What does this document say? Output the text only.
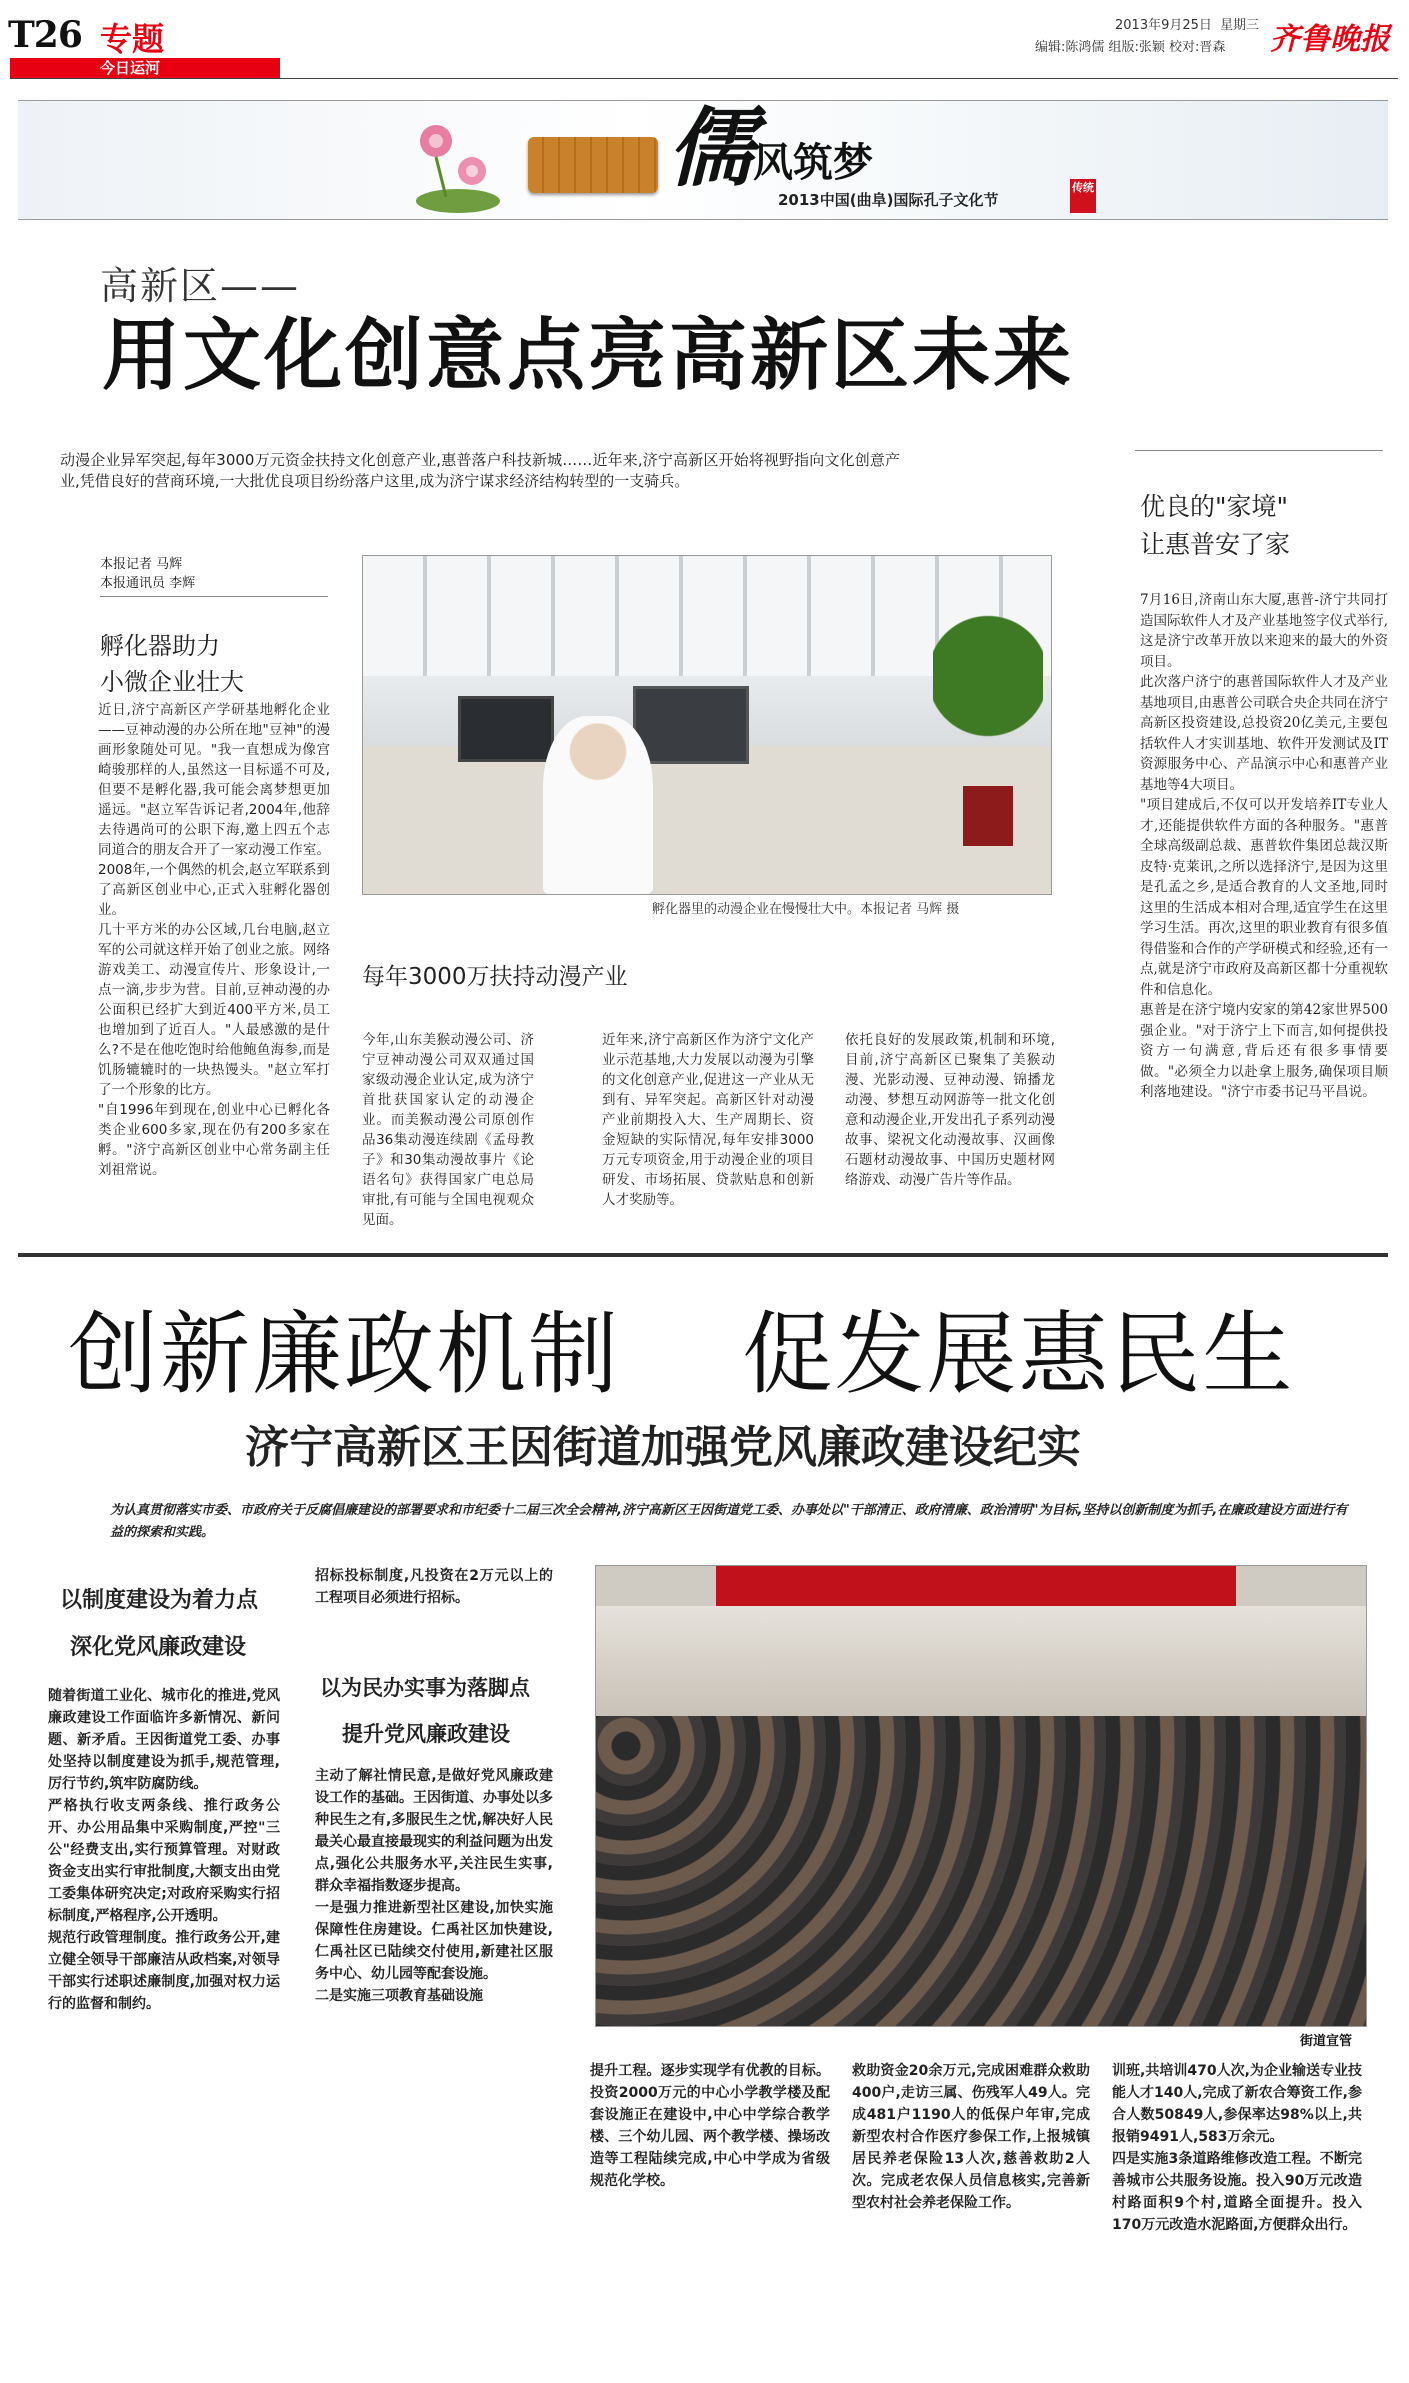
T26 专题
今日运河
2013年9月25日 星期三
编辑:陈鸿儒 组版:张颖 校对:晋森 齐鲁晚报
儒 风筑梦
2013中国(曲阜)国际孔子文化节
传统
高新区——
用文化创意点亮高新区未来
动漫企业异军突起,每年3000万元资金扶持文化创意产业,惠普落户科技新城……近年来,济宁高新区开始将视野指向文化创意产业,凭借良好的营商环境,一大批优良项目纷纷落户这里,成为济宁谋求经济结构转型的一支骑兵。
本报记者 马辉
本报通讯员 李辉
孵化器助力
小微企业壮大
近日,济宁高新区产学研基地孵化企业——豆神动漫的办公所在地"豆神"的漫画形象随处可见。"我一直想成为像宫崎骏那样的人,虽然这一目标遥不可及,但要不是孵化器,我可能会离梦想更加遥远。"赵立军告诉记者,2004年,他辞去待遇尚可的公职下海,邀上四五个志同道合的朋友合开了一家动漫工作室。2008年,一个偶然的机会,赵立军联系到了高新区创业中心,正式入驻孵化器创业。
几十平方米的办公区域,几台电脑,赵立军的公司就这样开始了创业之旅。网络游戏美工、动漫宣传片、形象设计,一点一滴,步步为营。目前,豆神动漫的办公面积已经扩大到近400平方米,员工也增加到了近百人。"人最感激的是什么?不是在他吃饱时给他鲍鱼海参,而是饥肠辘辘时的一块热馒头。"赵立军打了一个形象的比方。
"自1996年到现在,创业中心已孵化各类企业600多家,现在仍有200多家在孵。"济宁高新区创业中心常务副主任刘祖常说。
孵化器里的动漫企业在慢慢壮大中。本报记者 马辉 摄
每年3000万扶持动漫产业
今年,山东美猴动漫公司、济宁豆神动漫公司双双通过国家级动漫企业认定,成为济宁首批获国家认定的动漫企业。而美猴动漫公司原创作品36集动漫连续剧《孟母教子》和30集动漫故事片《论语名句》获得国家广电总局审批,有可能与全国电视观众见面。
近年来,济宁高新区作为济宁文化产业示范基地,大力发展以动漫为引擎的文化创意产业,促进这一产业从无到有、异军突起。高新区针对动漫产业前期投入大、生产周期长、资金短缺的实际情况,每年安排3000万元专项资金,用于动漫企业的项目研发、市场拓展、贷款贴息和创新人才奖励等。
依托良好的发展政策,机制和环境,目前,济宁高新区已聚集了美猴动漫、光影动漫、豆神动漫、锦播龙动漫、梦想互动网游等一批文化创意和动漫企业,开发出孔子系列动漫故事、梁祝文化动漫故事、汉画像石题材动漫故事、中国历史题材网络游戏、动漫广告片等作品。
优良的"家境"
让惠普安了家
7月16日,济南山东大厦,惠普-济宁共同打造国际软件人才及产业基地签字仪式举行,这是济宁改革开放以来迎来的最大的外资项目。
此次落户济宁的惠普国际软件人才及产业基地项目,由惠普公司联合央企共同在济宁高新区投资建设,总投资20亿美元,主要包括软件人才实训基地、软件开发测试及IT资源服务中心、产品演示中心和惠普产业基地等4大项目。
"项目建成后,不仅可以开发培养IT专业人才,还能提供软件方面的各种服务。"惠普全球高级副总裁、惠普软件集团总裁汉斯皮特·克莱讯,之所以选择济宁,是因为这里是孔孟之乡,是适合教育的人文圣地,同时这里的生活成本相对合理,适宜学生在这里学习生活。再次,这里的职业教育有很多值得借鉴和合作的产学研模式和经验,还有一点,就是济宁市政府及高新区都十分重视软件和信息化。
惠普是在济宁境内安家的第42家世界500强企业。"对于济宁上下而言,如何提供投资方一句满意,背后还有很多事情要做。"必须全力以赴拿上服务,确保项目顺利落地建设。"济宁市委书记马平昌说。
创新廉政机制    促发展惠民生
济宁高新区王因街道加强党风廉政建设纪实
为认真贯彻落实市委、市政府关于反腐倡廉建设的部署要求和市纪委十二届三次全会精神,济宁高新区王因街道党工委、办事处以"干部清正、政府清廉、政治清明"为目标,坚持以创新制度为抓手,在廉政建设方面进行有益的探索和实践。
以制度建设为着力点
深化党风廉政建设
随着街道工业化、城市化的推进,党风廉政建设工作面临许多新情况、新问题、新矛盾。王因街道党工委、办事处坚持以制度建设为抓手,规范管理,厉行节约,筑牢防腐防线。
严格执行收支两条线、推行政务公开、办公用品集中采购制度,严控"三公"经费支出,实行预算管理。对财政资金支出实行审批制度,大额支出由党工委集体研究决定;对政府采购实行招标制度,严格程序,公开透明。
规范行政管理制度。推行政务公开,建立健全领导干部廉洁从政档案,对领导干部实行述职述廉制度,加强对权力运行的监督和制约。
招标投标制度,凡投资在2万元以上的工程项目必须进行招标。
以为民办实事为落脚点
提升党风廉政建设
主动了解社情民意,是做好党风廉政建设工作的基础。王因街道、办事处以多种民生之有,多服民生之忧,解决好人民最关心最直接最现实的利益问题为出发点,强化公共服务水平,关注民生实事,群众幸福指数逐步提高。
一是强力推进新型社区建设,加快实施保障性住房建设。仁禹社区加快建设,仁禹社区已陆续交付使用,新建社区服务中心、幼儿园等配套设施。
二是实施三项教育基础设施
街道宣管
提升工程。逐步实现学有优教的目标。投资2000万元的中心小学教学楼及配套设施正在建设中,中心中学综合教学楼、三个幼儿园、两个教学楼、操场改造等工程陆续完成,中心中学成为省级规范化学校。
救助资金20余万元,完成困难群众救助400户,走访三属、伤残军人49人。完成481户1190人的低保户年审,完成新型农村合作医疗参保工作,上报城镇居民养老保险13人次,慈善救助2人次。完成老农保人员信息核实,完善新型农村社会养老保险工作。
训班,共培训470人次,为企业输送专业技能人才140人,完成了新农合筹资工作,参合人数50849人,参保率达98%以上,共报销9491人,583万余元。
四是实施3条道路维修改造工程。不断完善城市公共服务设施。投入90万元改造村路面积9个村,道路全面提升。投入170万元改造水泥路面,方便群众出行。
